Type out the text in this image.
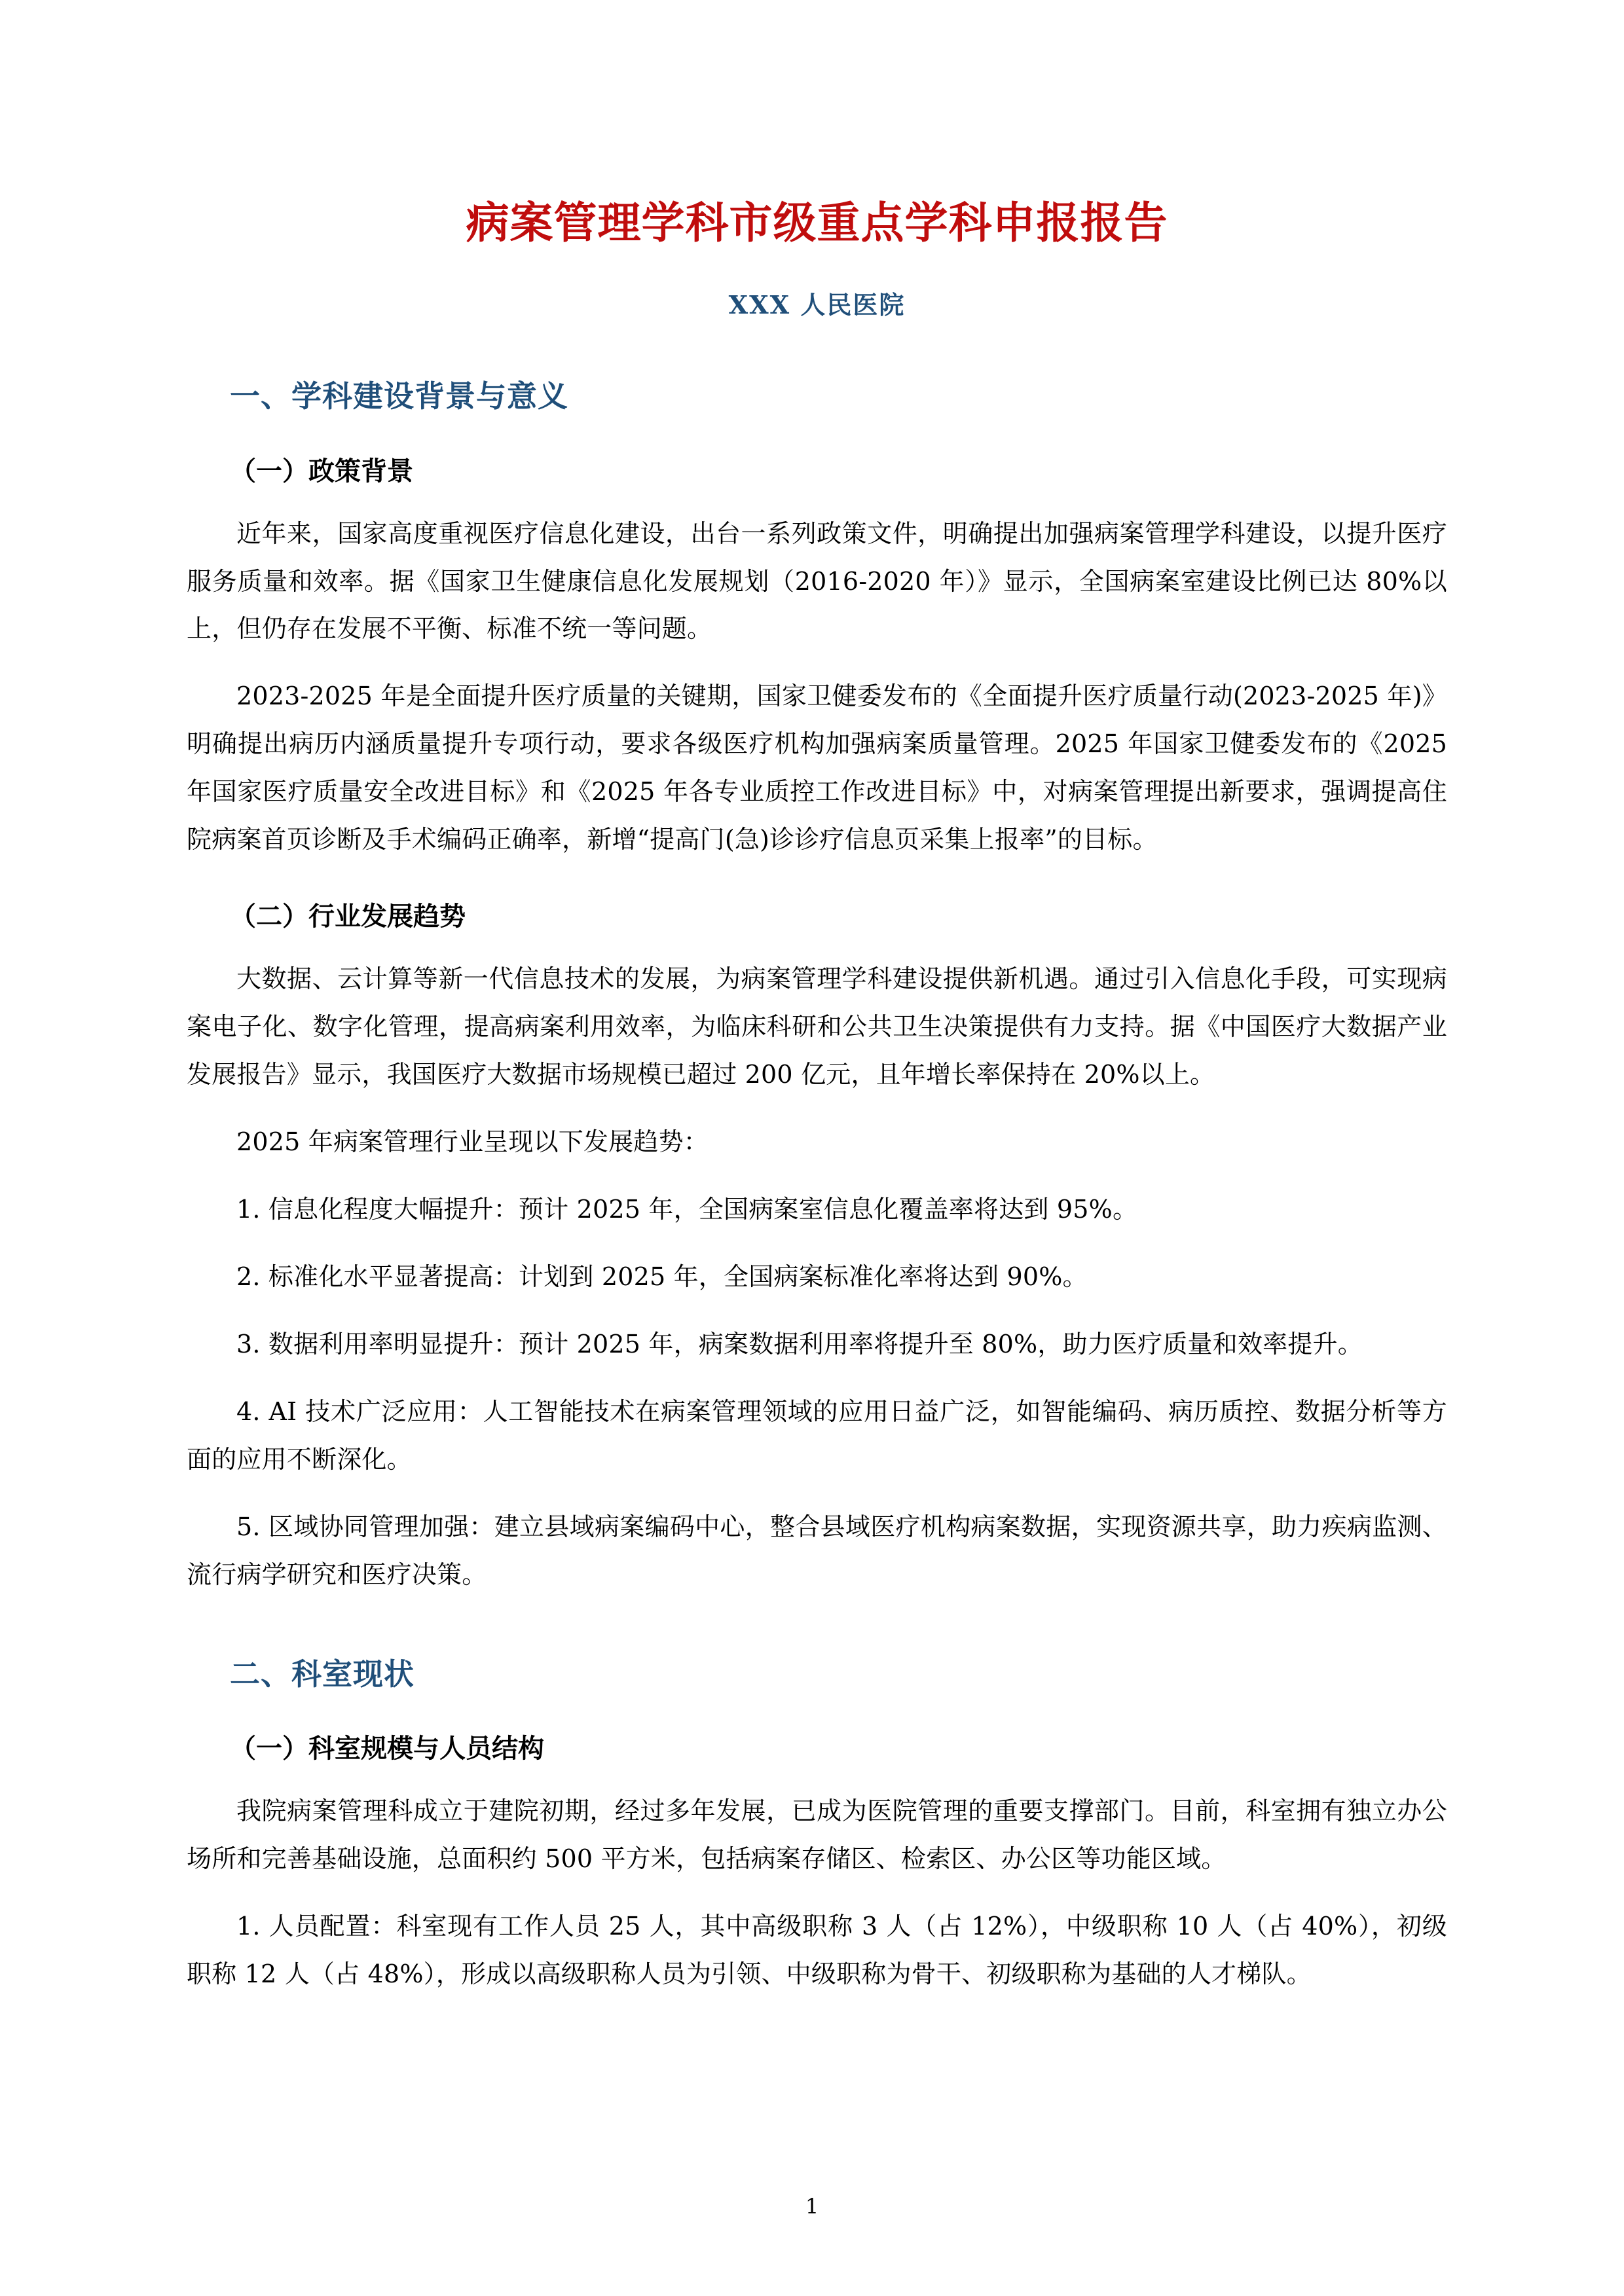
病案管理学科市级重点学科申报报告

XXX 人民医院

一、学科建设背景与意义
（一）政策背景

近年来，国家高度重视医疗信息化建设，出台一系列政策文件，明确提出加强病案管理学科建设，以提升医疗服务质量和效率。据《国家卫生健康信息化发展规划（2016-2020 年）》显示，全国病案室建设比例已达 80%以上，但仍存在发展不平衡、标准不统一等问题。

2023-2025 年是全面提升医疗质量的关键期，国家卫健委发布的《全面提升医疗质量行动(2023-2025 年)》明确提出病历内涵质量提升专项行动，要求各级医疗机构加强病案质量管理。2025 年国家卫健委发布的《2025 年国家医疗质量安全改进目标》和《2025 年各专业质控工作改进目标》中，对病案管理提出新要求，强调提高住院病案首页诊断及手术编码正确率，新增“提高门(急)诊诊疗信息页采集上报率”的目标。

（二）行业发展趋势

大数据、云计算等新一代信息技术的发展，为病案管理学科建设提供新机遇。通过引入信息化手段，可实现病案电子化、数字化管理，提高病案利用效率，为临床科研和公共卫生决策提供有力支持。据《中国医疗大数据产业发展报告》显示，我国医疗大数据市场规模已超过 200 亿元，且年增长率保持在 20%以上。

2025 年病案管理行业呈现以下发展趋势：

1. 信息化程度大幅提升：预计 2025 年，全国病案室信息化覆盖率将达到 95%。

2. 标准化水平显著提高：计划到 2025 年，全国病案标准化率将达到 90%。

3. 数据利用率明显提升：预计 2025 年，病案数据利用率将提升至 80%，助力医疗质量和效率提升。

4. AI 技术广泛应用：人工智能技术在病案管理领域的应用日益广泛，如智能编码、病历质控、数据分析等方面的应用不断深化。

5. 区域协同管理加强：建立县域病案编码中心，整合县域医疗机构病案数据，实现资源共享，助力疾病监测、流行病学研究和医疗决策。

二、科室现状
（一）科室规模与人员结构

我院病案管理科成立于建院初期，经过多年发展，已成为医院管理的重要支撑部门。目前，科室拥有独立办公场所和完善基础设施，总面积约 500 平方米，包括病案存储区、检索区、办公区等功能区域。

1. 人员配置：科室现有工作人员 25 人，其中高级职称 3 人（占 12%），中级职称 10 人（占 40%），初级职称 12 人（占 48%），形成以高级职称人员为引领、中级职称为骨干、初级职称为基础的人才梯队。

1
